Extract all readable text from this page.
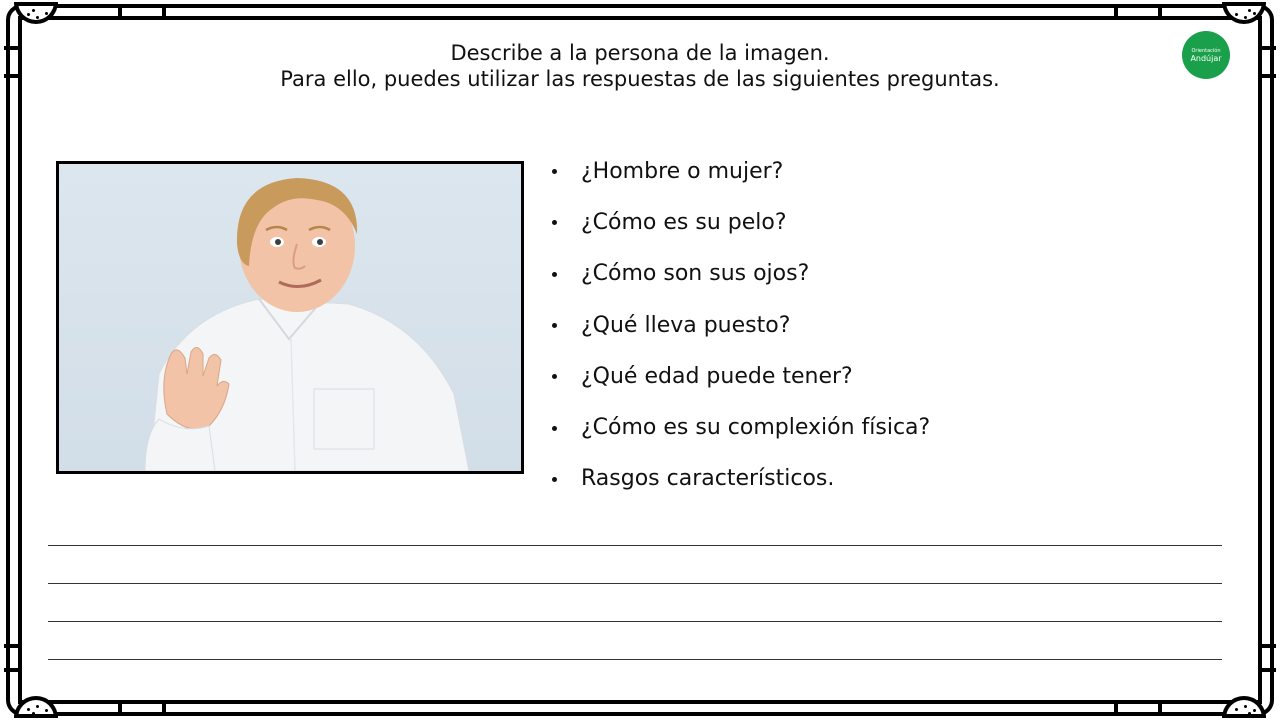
Describe a la persona de la imagen.
Para ello, puedes utilizar las respuestas de las siguientes preguntas.
Orientación
Andújar
¿Hombre o mujer?
¿Cómo es su pelo?
¿Cómo son sus ojos?
¿Qué lleva puesto?
¿Qué edad puede tener?
¿Cómo es su complexión física?
Rasgos característicos.
